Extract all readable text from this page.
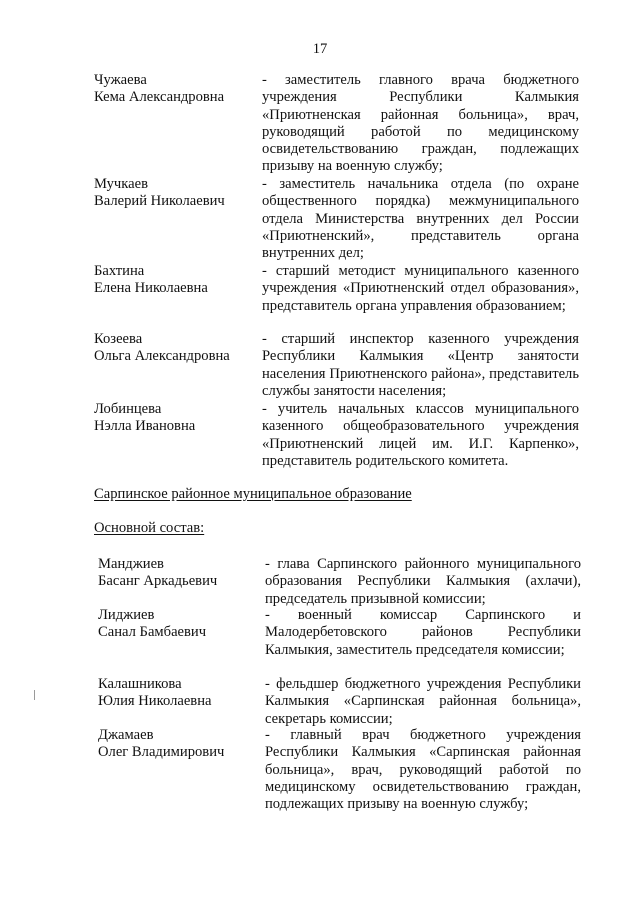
17
Чужаева
Кема Александровна
- заместитель главного врача бюджетного учреждения Республики Калмыкия «Приютненская районная больница», врач, руководящий работой по медицинскому освидетельствованию граждан, подлежащих призыву на военную службу;
Мучкаев
Валерий Николаевич
- заместитель начальника отдела (по охране общественного порядка) межмуниципального отдела Министерства внутренних дел России «Приютненский», представитель органа внутренних дел;
Бахтина
Елена Николаевна
- старший методист муниципального казенного учреждения «Приютненский отдел образования», представитель органа управления образованием;
Козеева
Ольга Александровна
- старший инспектор казенного учреждения Республики Калмыкия «Центр занятости населения Приютненского района», представитель службы занятости населения;
Лобинцева
Нэлла Ивановна
- учитель начальных классов муниципального казенного общеобразовательного учреждения «Приютненский лицей им. И.Г. Карпенко», представитель родительского комитета.
Сарпинское районное муниципальное образование
Основной состав:
Манджиев
Басанг Аркадьевич
- глава Сарпинского районного муниципального образования Республики Калмыкия (ахлачи), председатель призывной комиссии;
Лиджиев
Санал Бамбаевич
- военный комиссар Сарпинского и Малодербетовского районов Республики Калмыкия, заместитель председателя комиссии;
Калашникова
Юлия Николаевна
- фельдшер бюджетного учреждения Республики Калмыкия «Сарпинская районная больница», секретарь комиссии;
Джамаев
Олег Владимирович
- главный врач бюджетного учреждения Республики Калмыкия «Сарпинская районная больница», врач, руководящий работой по медицинскому освидетельствованию граждан, подлежащих призыву на военную службу;
